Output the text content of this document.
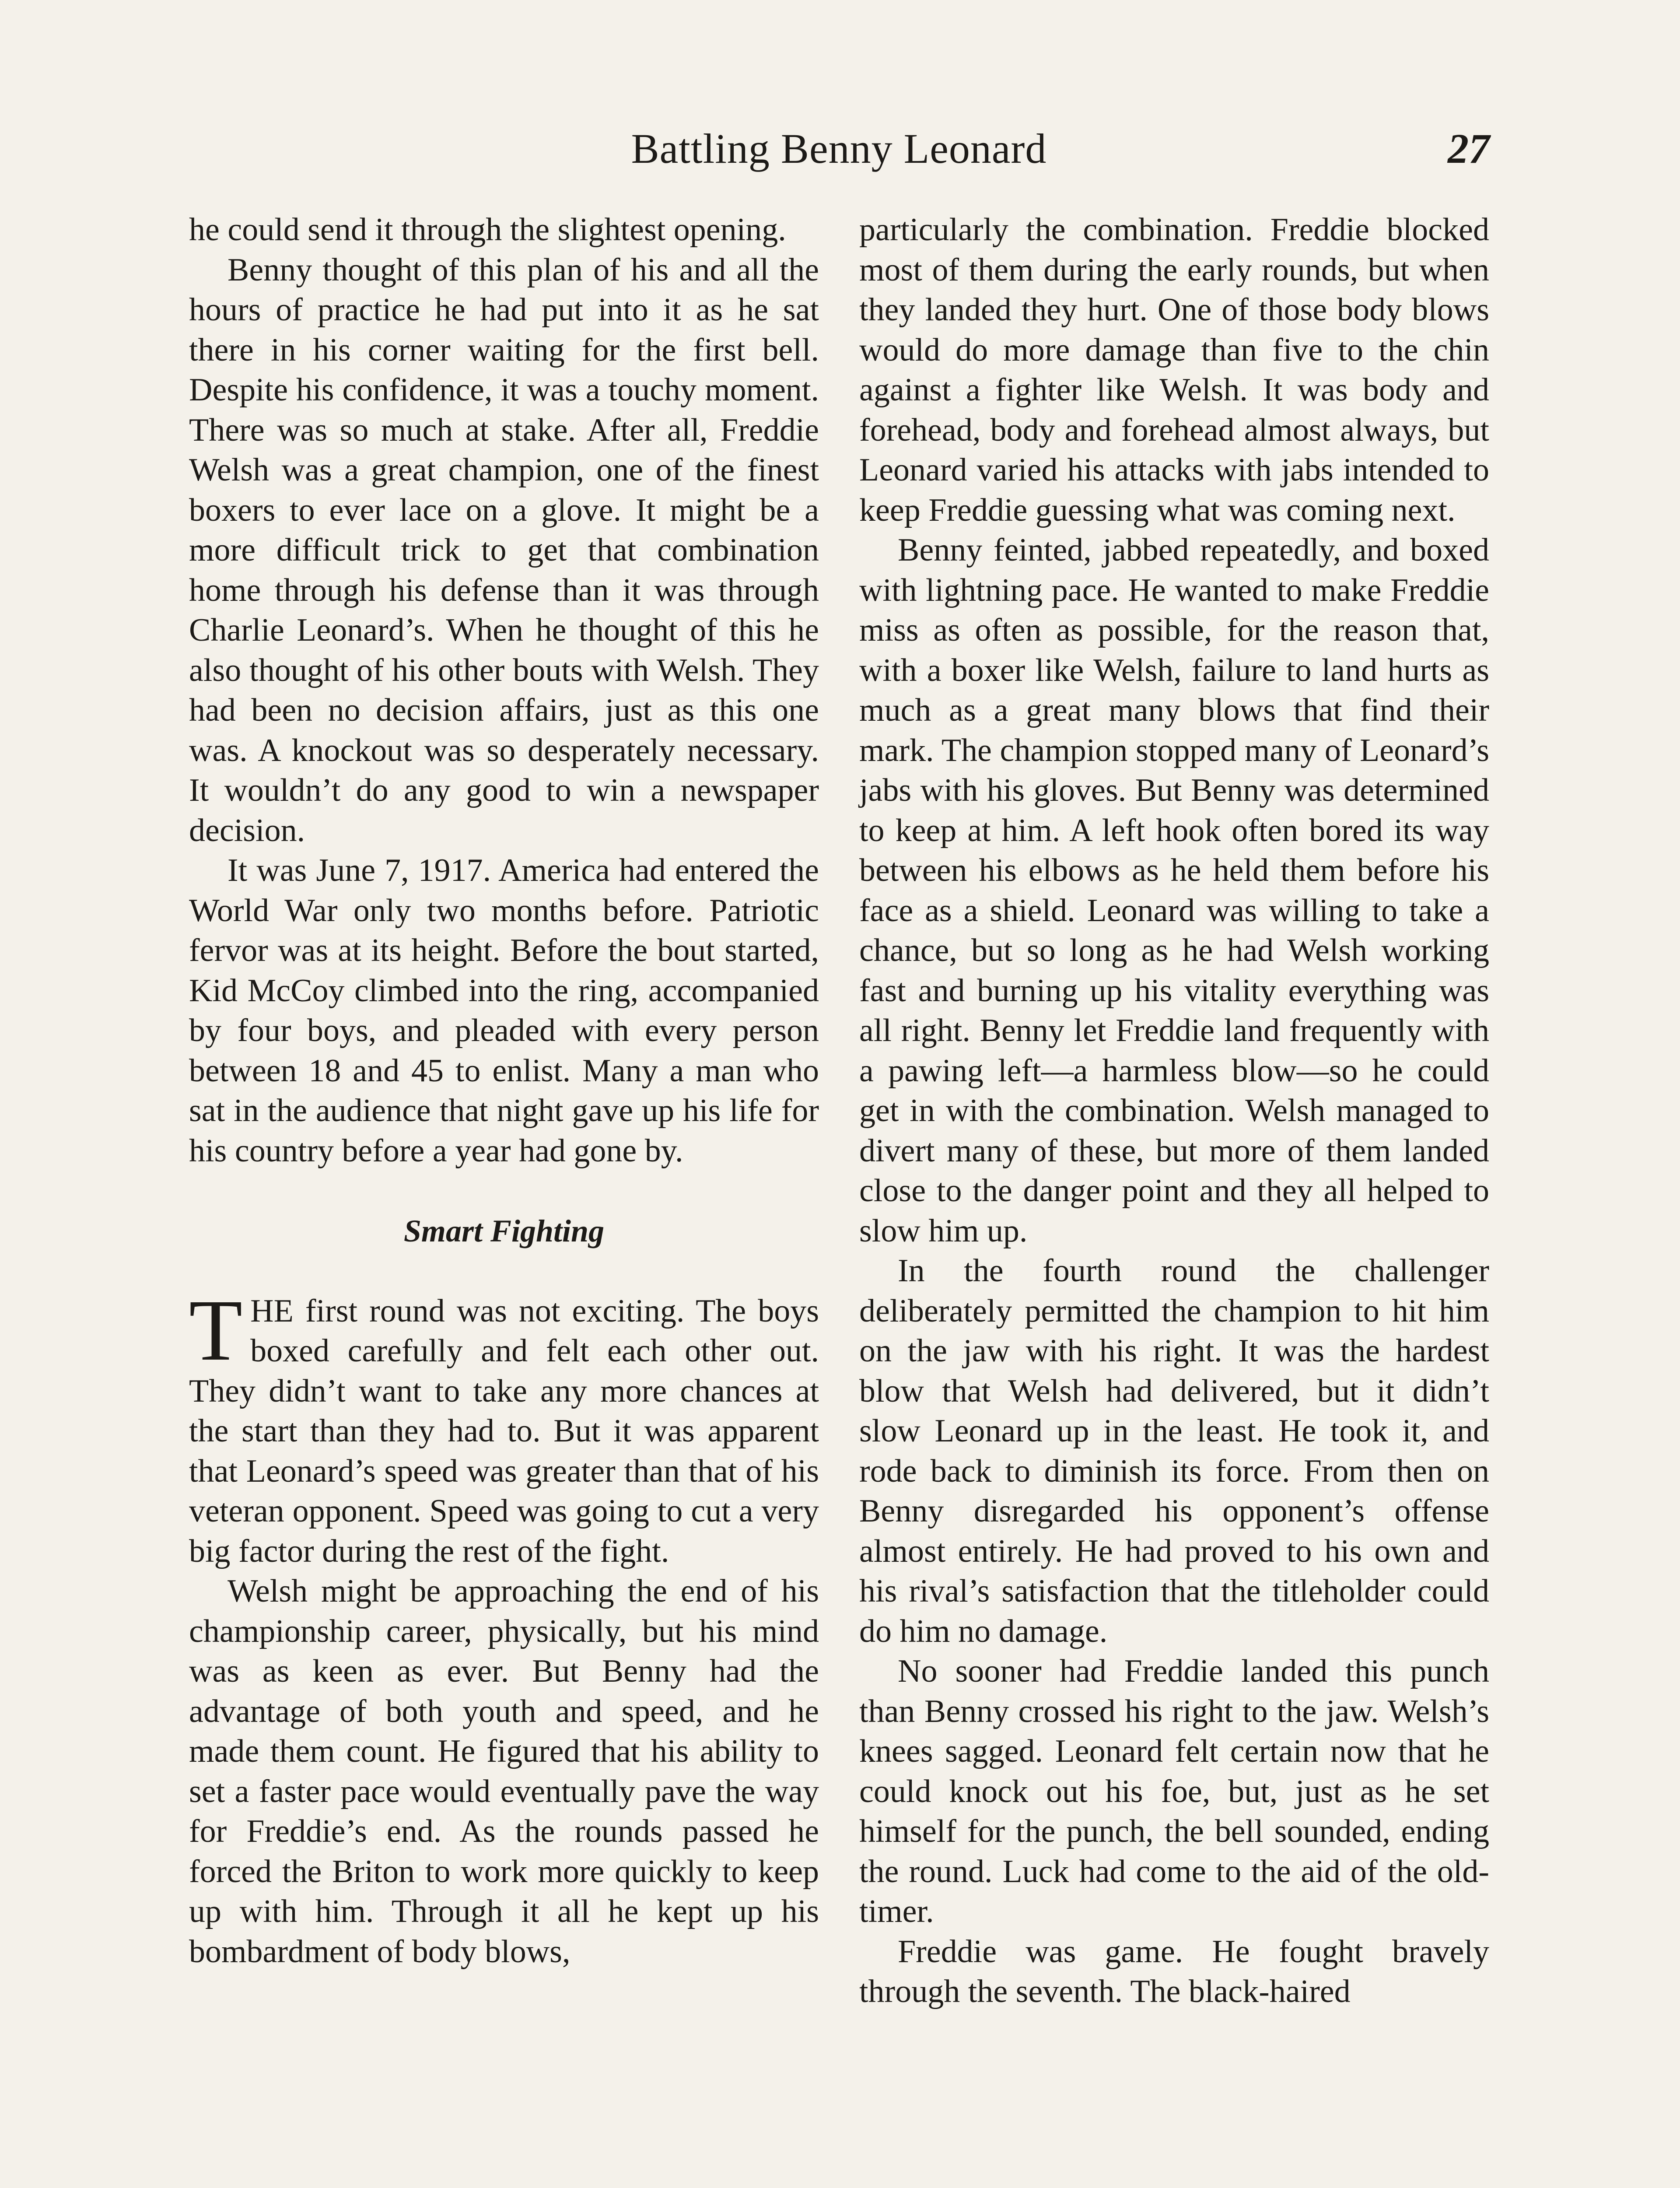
Battling Benny Leonard	27

he could send it through the slightest opening.

Benny thought of this plan of his and all the hours of practice he had put into it as he sat there in his corner waiting for the first bell. Despite his confidence, it was a touchy moment. There was so much at stake. After all, Freddie Welsh was a great champion, one of the finest boxers to ever lace on a glove. It might be a more difficult trick to get that combination home through his defense than it was through Charlie Leonard’s. When he thought of this he also thought of his other bouts with Welsh. They had been no decision affairs, just as this one was. A knockout was so desperately necessary. It wouldn’t do any good to win a newspaper decision.

It was June 7, 1917. America had entered the World War only two months before. Patriotic fervor was at its height. Before the bout started, Kid McCoy climbed into the ring, accompanied by four boys, and pleaded with every person between 18 and 45 to enlist. Many a man who sat in the audience that night gave up his life for his country before a year had gone by.

Smart Fighting

T HE first round was not exciting. The boys boxed carefully and felt each other out. They didn’t want to take any more chances at the start than they had to. But it was apparent that Leonard’s speed was greater than that of his veteran opponent. Speed was going to cut a very big factor during the rest of the fight.

Welsh might be approaching the end of his championship career, physically, but his mind was as keen as ever. But Benny had the advantage of both youth and speed, and he made them count. He figured that his ability to set a faster pace would eventually pave the way for Freddie’s end. As the rounds passed he forced the Briton to work more quickly to keep up with him. Through it all he kept up his bombardment of body blows,

particularly the combination. Freddie blocked most of them during the early rounds, but when they landed they hurt. One of those body blows would do more damage than five to the chin against a fighter like Welsh. It was body and forehead, body and forehead almost always, but Leonard varied his attacks with jabs intended to keep Freddie guessing what was coming next.

Benny feinted, jabbed repeatedly, and boxed with lightning pace. He wanted to make Freddie miss as often as possible, for the reason that, with a boxer like Welsh, failure to land hurts as much as a great many blows that find their mark. The champion stopped many of Leonard’s jabs with his gloves. But Benny was determined to keep at him. A left hook often bored its way between his elbows as he held them before his face as a shield. Leonard was willing to take a chance, but so long as he had Welsh working fast and burning up his vitality everything was all right. Benny let Freddie land frequently with a pawing left—a harmless blow—so he could get in with the combination. Welsh managed to divert many of these, but more of them landed close to the danger point and they all helped to slow him up.

In the fourth round the challenger deliberately permitted the champion to hit him on the jaw with his right. It was the hardest blow that Welsh had delivered, but it didn’t slow Leonard up in the least. He took it, and rode back to diminish its force. From then on Benny disregarded his opponent’s offense almost entirely. He had proved to his own and his rival’s satisfaction that the titleholder could do him no damage.

No sooner had Freddie landed this punch than Benny crossed his right to the jaw. Welsh’s knees sagged. Leonard felt certain now that he could knock out his foe, but, just as he set himself for the punch, the bell sounded, ending the round. Luck had come to the aid of the old-timer.

Freddie was game. He fought bravely through the seventh. The black-haired
